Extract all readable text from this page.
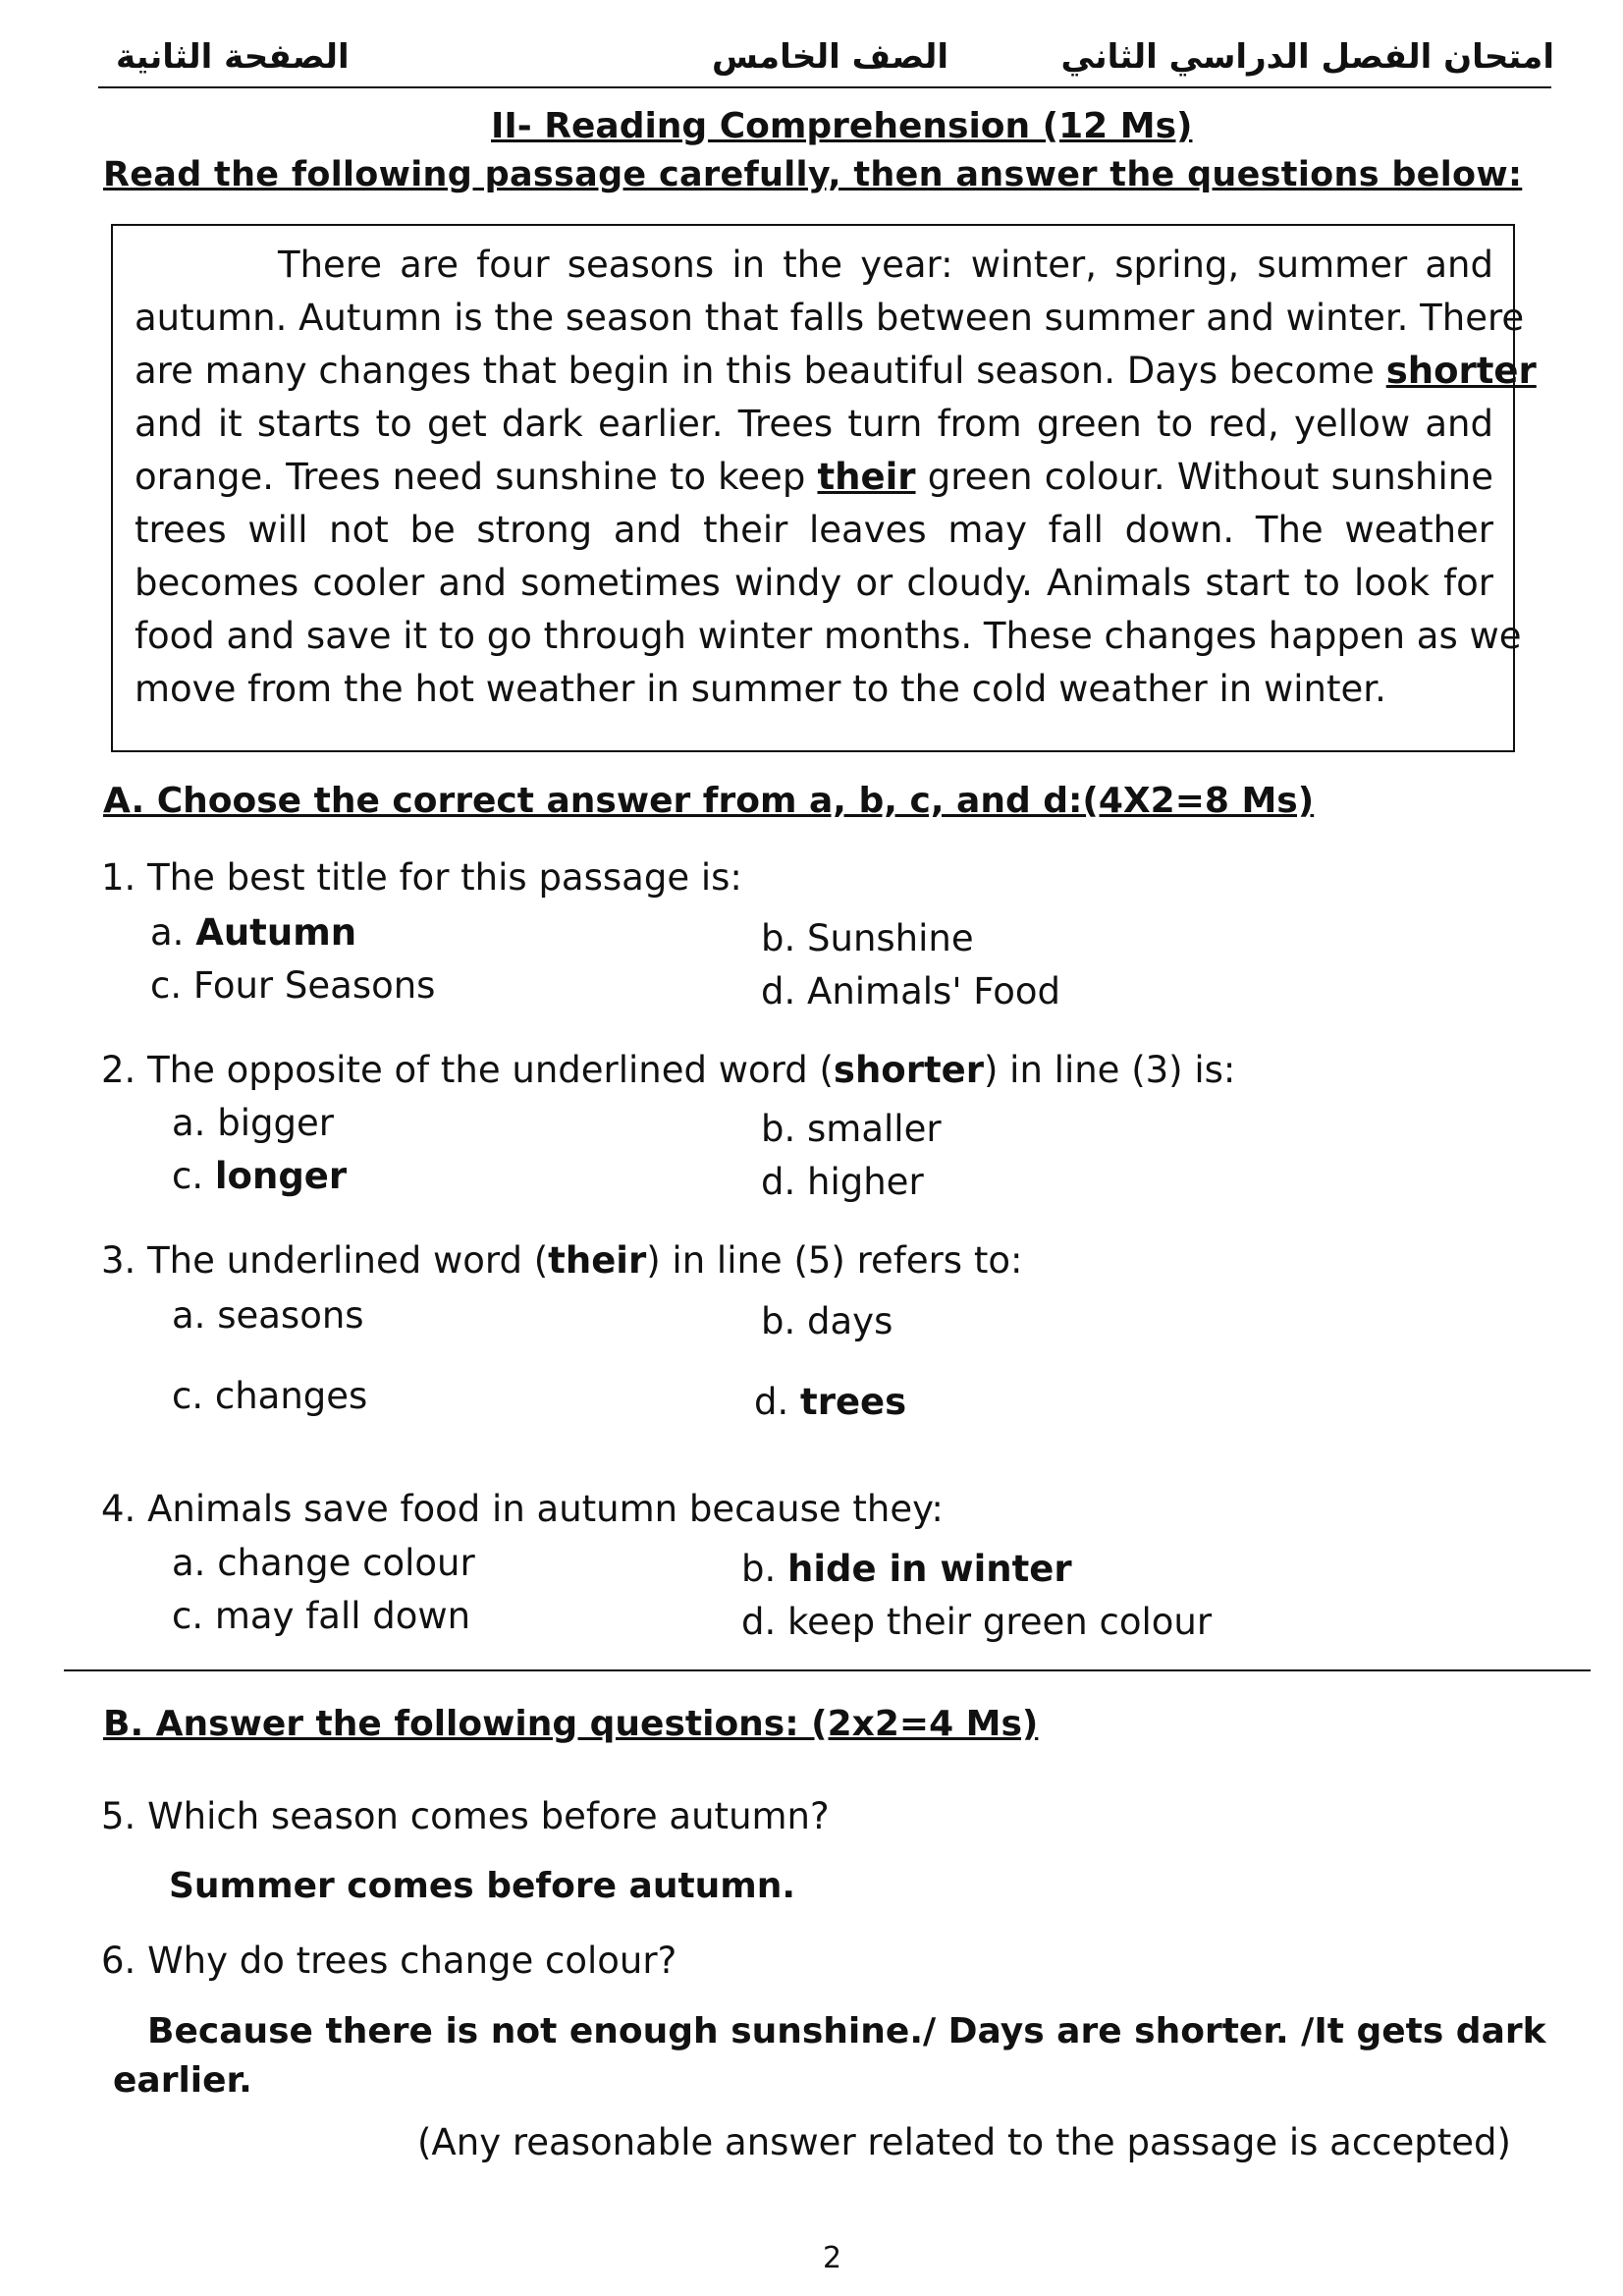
امتحان الفصل الدراسي الثاني
الصف الخامس
الصفحة الثانية
II- Reading Comprehension (12 Ms)
Read the following passage carefully, then answer the questions below:
There are four seasons in the year: winter, spring, summer and
autumn. Autumn is the season that falls between summer and winter. There
are many changes that begin in this beautiful season. Days become shorter
and it starts to get dark earlier. Trees turn from green to red, yellow and
orange. Trees need sunshine to keep their green colour. Without sunshine
trees will not be strong and their leaves may fall down. The weather
becomes cooler and sometimes windy or cloudy. Animals start to look for
food and save it to go through winter months. These changes happen as we
move from the hot weather in summer to the cold weather in winter.
A. Choose the correct answer from a, b, c, and d:(4X2=8 Ms)
1. The best title for this passage is:
a. Autumn	b. Sunshine
c. Four Seasons	d. Animals' Food
2. The opposite of the underlined word (shorter) in line (3) is:
a. bigger	b. smaller
c. longer	d. higher
3. The underlined word (their) in line (5) refers to:
a. seasons	b. days
c. changes	d. trees
4. Animals save food in autumn because they:
a. change colour	b. hide in winter
c. may fall down	d. keep their green colour
B. Answer the following questions: (2x2=4 Ms)
5. Which season comes before autumn?
Summer comes before autumn.
6. Why do trees change colour?
Because there is not enough sunshine./ Days are shorter. /It gets dark
earlier.
(Any reasonable answer related to the passage is accepted)
2
